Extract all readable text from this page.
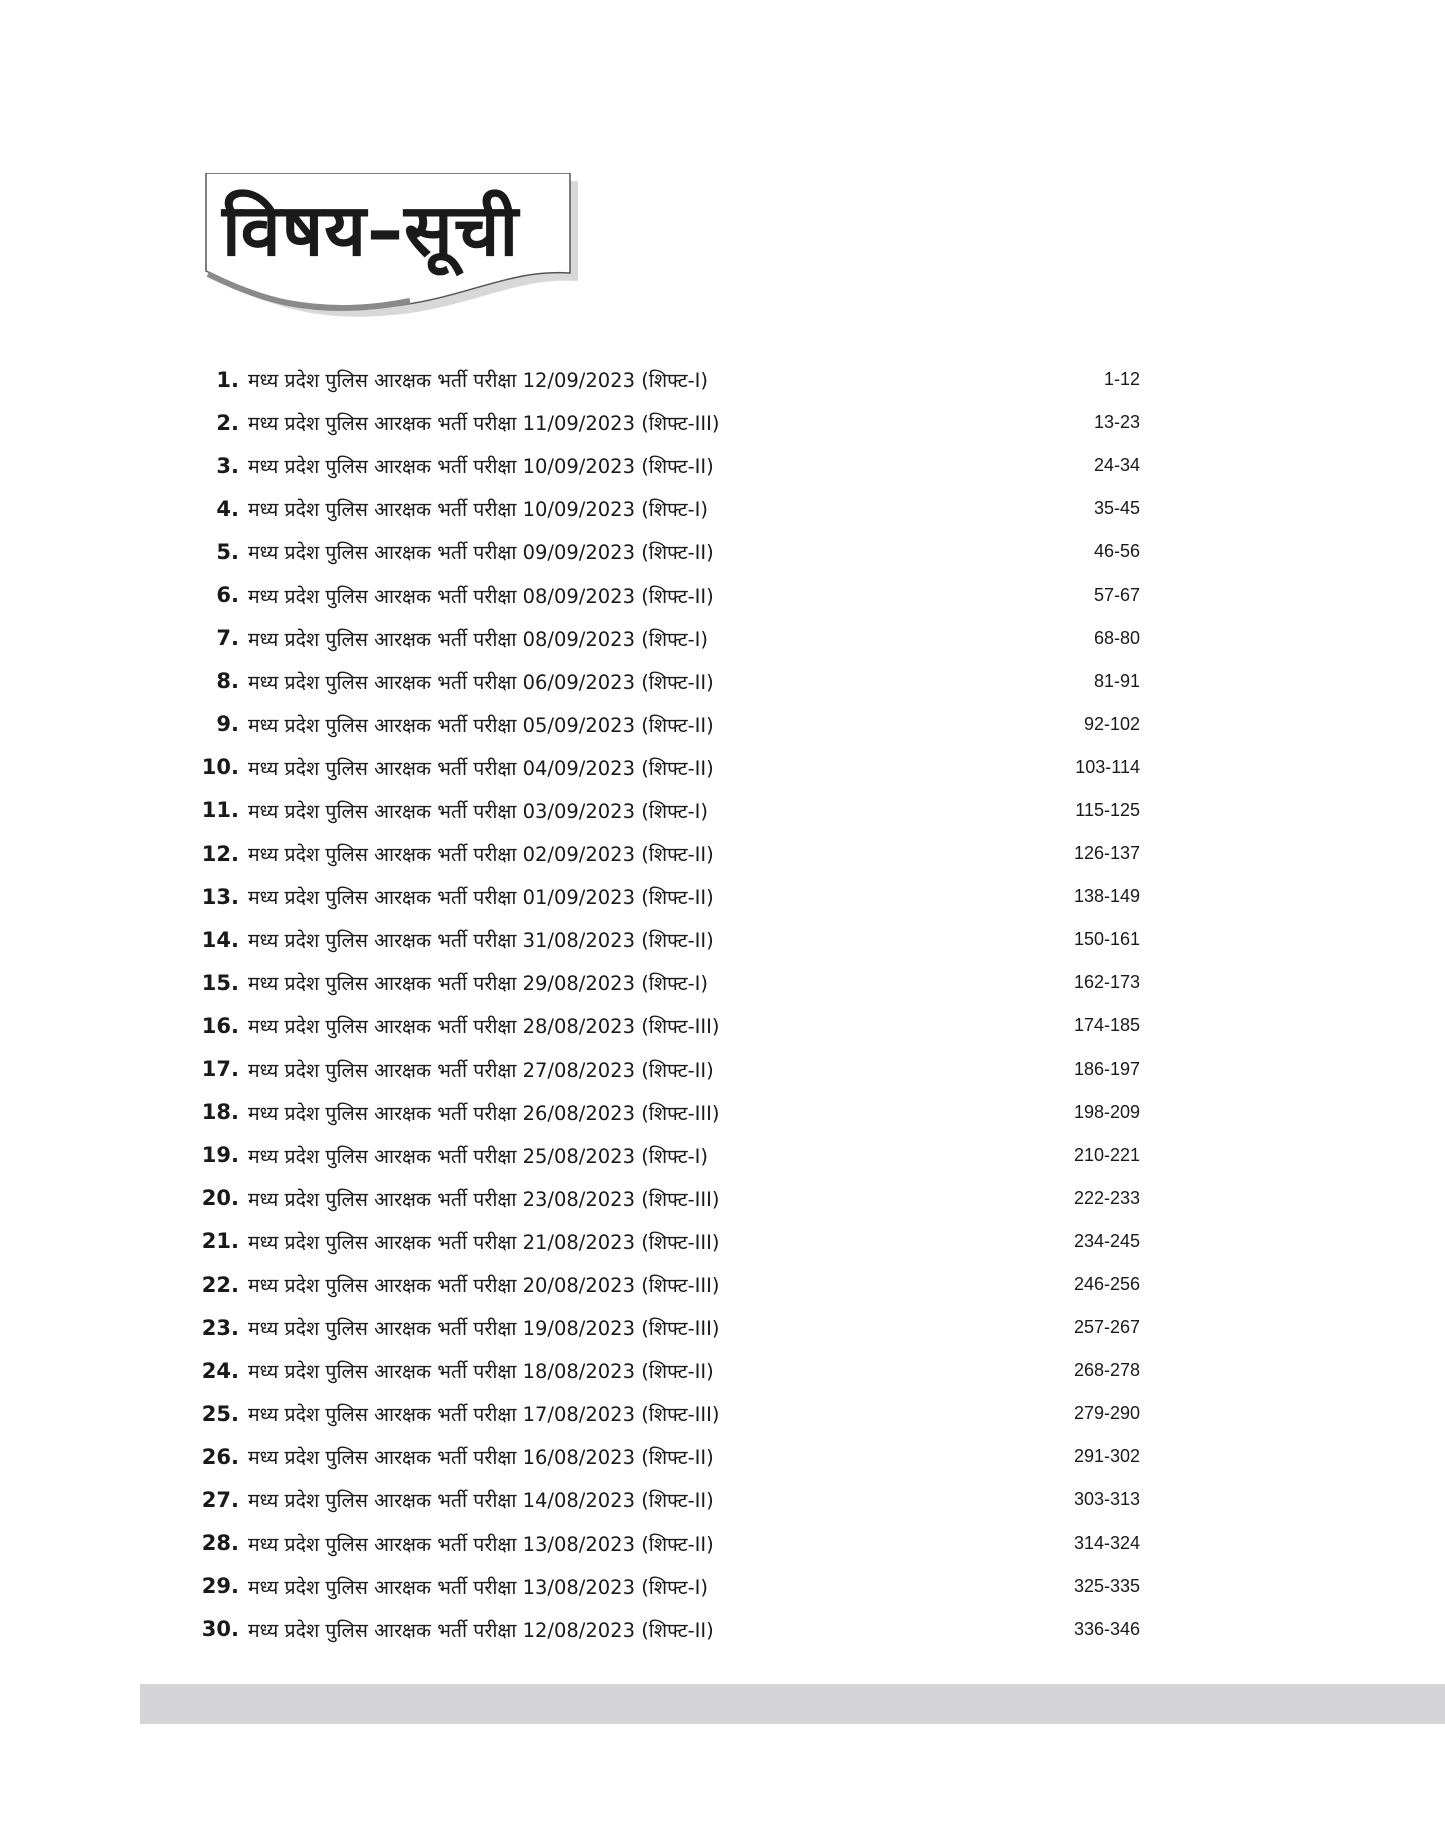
विषय–सूची
1. मध्य प्रदेश पुलिस आरक्षक भर्ती परीक्षा 12/09/2023 (शिफ्ट-I)	1-12
2. मध्य प्रदेश पुलिस आरक्षक भर्ती परीक्षा 11/09/2023 (शिफ्ट-III)	13-23
3. मध्य प्रदेश पुलिस आरक्षक भर्ती परीक्षा 10/09/2023 (शिफ्ट-II)	24-34
4. मध्य प्रदेश पुलिस आरक्षक भर्ती परीक्षा 10/09/2023 (शिफ्ट-I)	35-45
5. मध्य प्रदेश पुलिस आरक्षक भर्ती परीक्षा 09/09/2023 (शिफ्ट-II)	46-56
6. मध्य प्रदेश पुलिस आरक्षक भर्ती परीक्षा 08/09/2023 (शिफ्ट-II)	57-67
7. मध्य प्रदेश पुलिस आरक्षक भर्ती परीक्षा 08/09/2023 (शिफ्ट-I)	68-80
8. मध्य प्रदेश पुलिस आरक्षक भर्ती परीक्षा 06/09/2023 (शिफ्ट-II)	81-91
9. मध्य प्रदेश पुलिस आरक्षक भर्ती परीक्षा 05/09/2023 (शिफ्ट-II)	92-102
10. मध्य प्रदेश पुलिस आरक्षक भर्ती परीक्षा 04/09/2023 (शिफ्ट-II)	103-114
11. मध्य प्रदेश पुलिस आरक्षक भर्ती परीक्षा 03/09/2023 (शिफ्ट-I)	115-125
12. मध्य प्रदेश पुलिस आरक्षक भर्ती परीक्षा 02/09/2023 (शिफ्ट-II)	126-137
13. मध्य प्रदेश पुलिस आरक्षक भर्ती परीक्षा 01/09/2023 (शिफ्ट-II)	138-149
14. मध्य प्रदेश पुलिस आरक्षक भर्ती परीक्षा 31/08/2023 (शिफ्ट-II)	150-161
15. मध्य प्रदेश पुलिस आरक्षक भर्ती परीक्षा 29/08/2023 (शिफ्ट-I)	162-173
16. मध्य प्रदेश पुलिस आरक्षक भर्ती परीक्षा 28/08/2023 (शिफ्ट-III)	174-185
17. मध्य प्रदेश पुलिस आरक्षक भर्ती परीक्षा 27/08/2023 (शिफ्ट-II)	186-197
18. मध्य प्रदेश पुलिस आरक्षक भर्ती परीक्षा 26/08/2023 (शिफ्ट-III)	198-209
19. मध्य प्रदेश पुलिस आरक्षक भर्ती परीक्षा 25/08/2023 (शिफ्ट-I)	210-221
20. मध्य प्रदेश पुलिस आरक्षक भर्ती परीक्षा 23/08/2023 (शिफ्ट-III)	222-233
21. मध्य प्रदेश पुलिस आरक्षक भर्ती परीक्षा 21/08/2023 (शिफ्ट-III)	234-245
22. मध्य प्रदेश पुलिस आरक्षक भर्ती परीक्षा 20/08/2023 (शिफ्ट-III)	246-256
23. मध्य प्रदेश पुलिस आरक्षक भर्ती परीक्षा 19/08/2023 (शिफ्ट-III)	257-267
24. मध्य प्रदेश पुलिस आरक्षक भर्ती परीक्षा 18/08/2023 (शिफ्ट-II)	268-278
25. मध्य प्रदेश पुलिस आरक्षक भर्ती परीक्षा 17/08/2023 (शिफ्ट-III)	279-290
26. मध्य प्रदेश पुलिस आरक्षक भर्ती परीक्षा 16/08/2023 (शिफ्ट-II)	291-302
27. मध्य प्रदेश पुलिस आरक्षक भर्ती परीक्षा 14/08/2023 (शिफ्ट-II)	303-313
28. मध्य प्रदेश पुलिस आरक्षक भर्ती परीक्षा 13/08/2023 (शिफ्ट-II)	314-324
29. मध्य प्रदेश पुलिस आरक्षक भर्ती परीक्षा 13/08/2023 (शिफ्ट-I)	325-335
30. मध्य प्रदेश पुलिस आरक्षक भर्ती परीक्षा 12/08/2023 (शिफ्ट-II)	336-346
